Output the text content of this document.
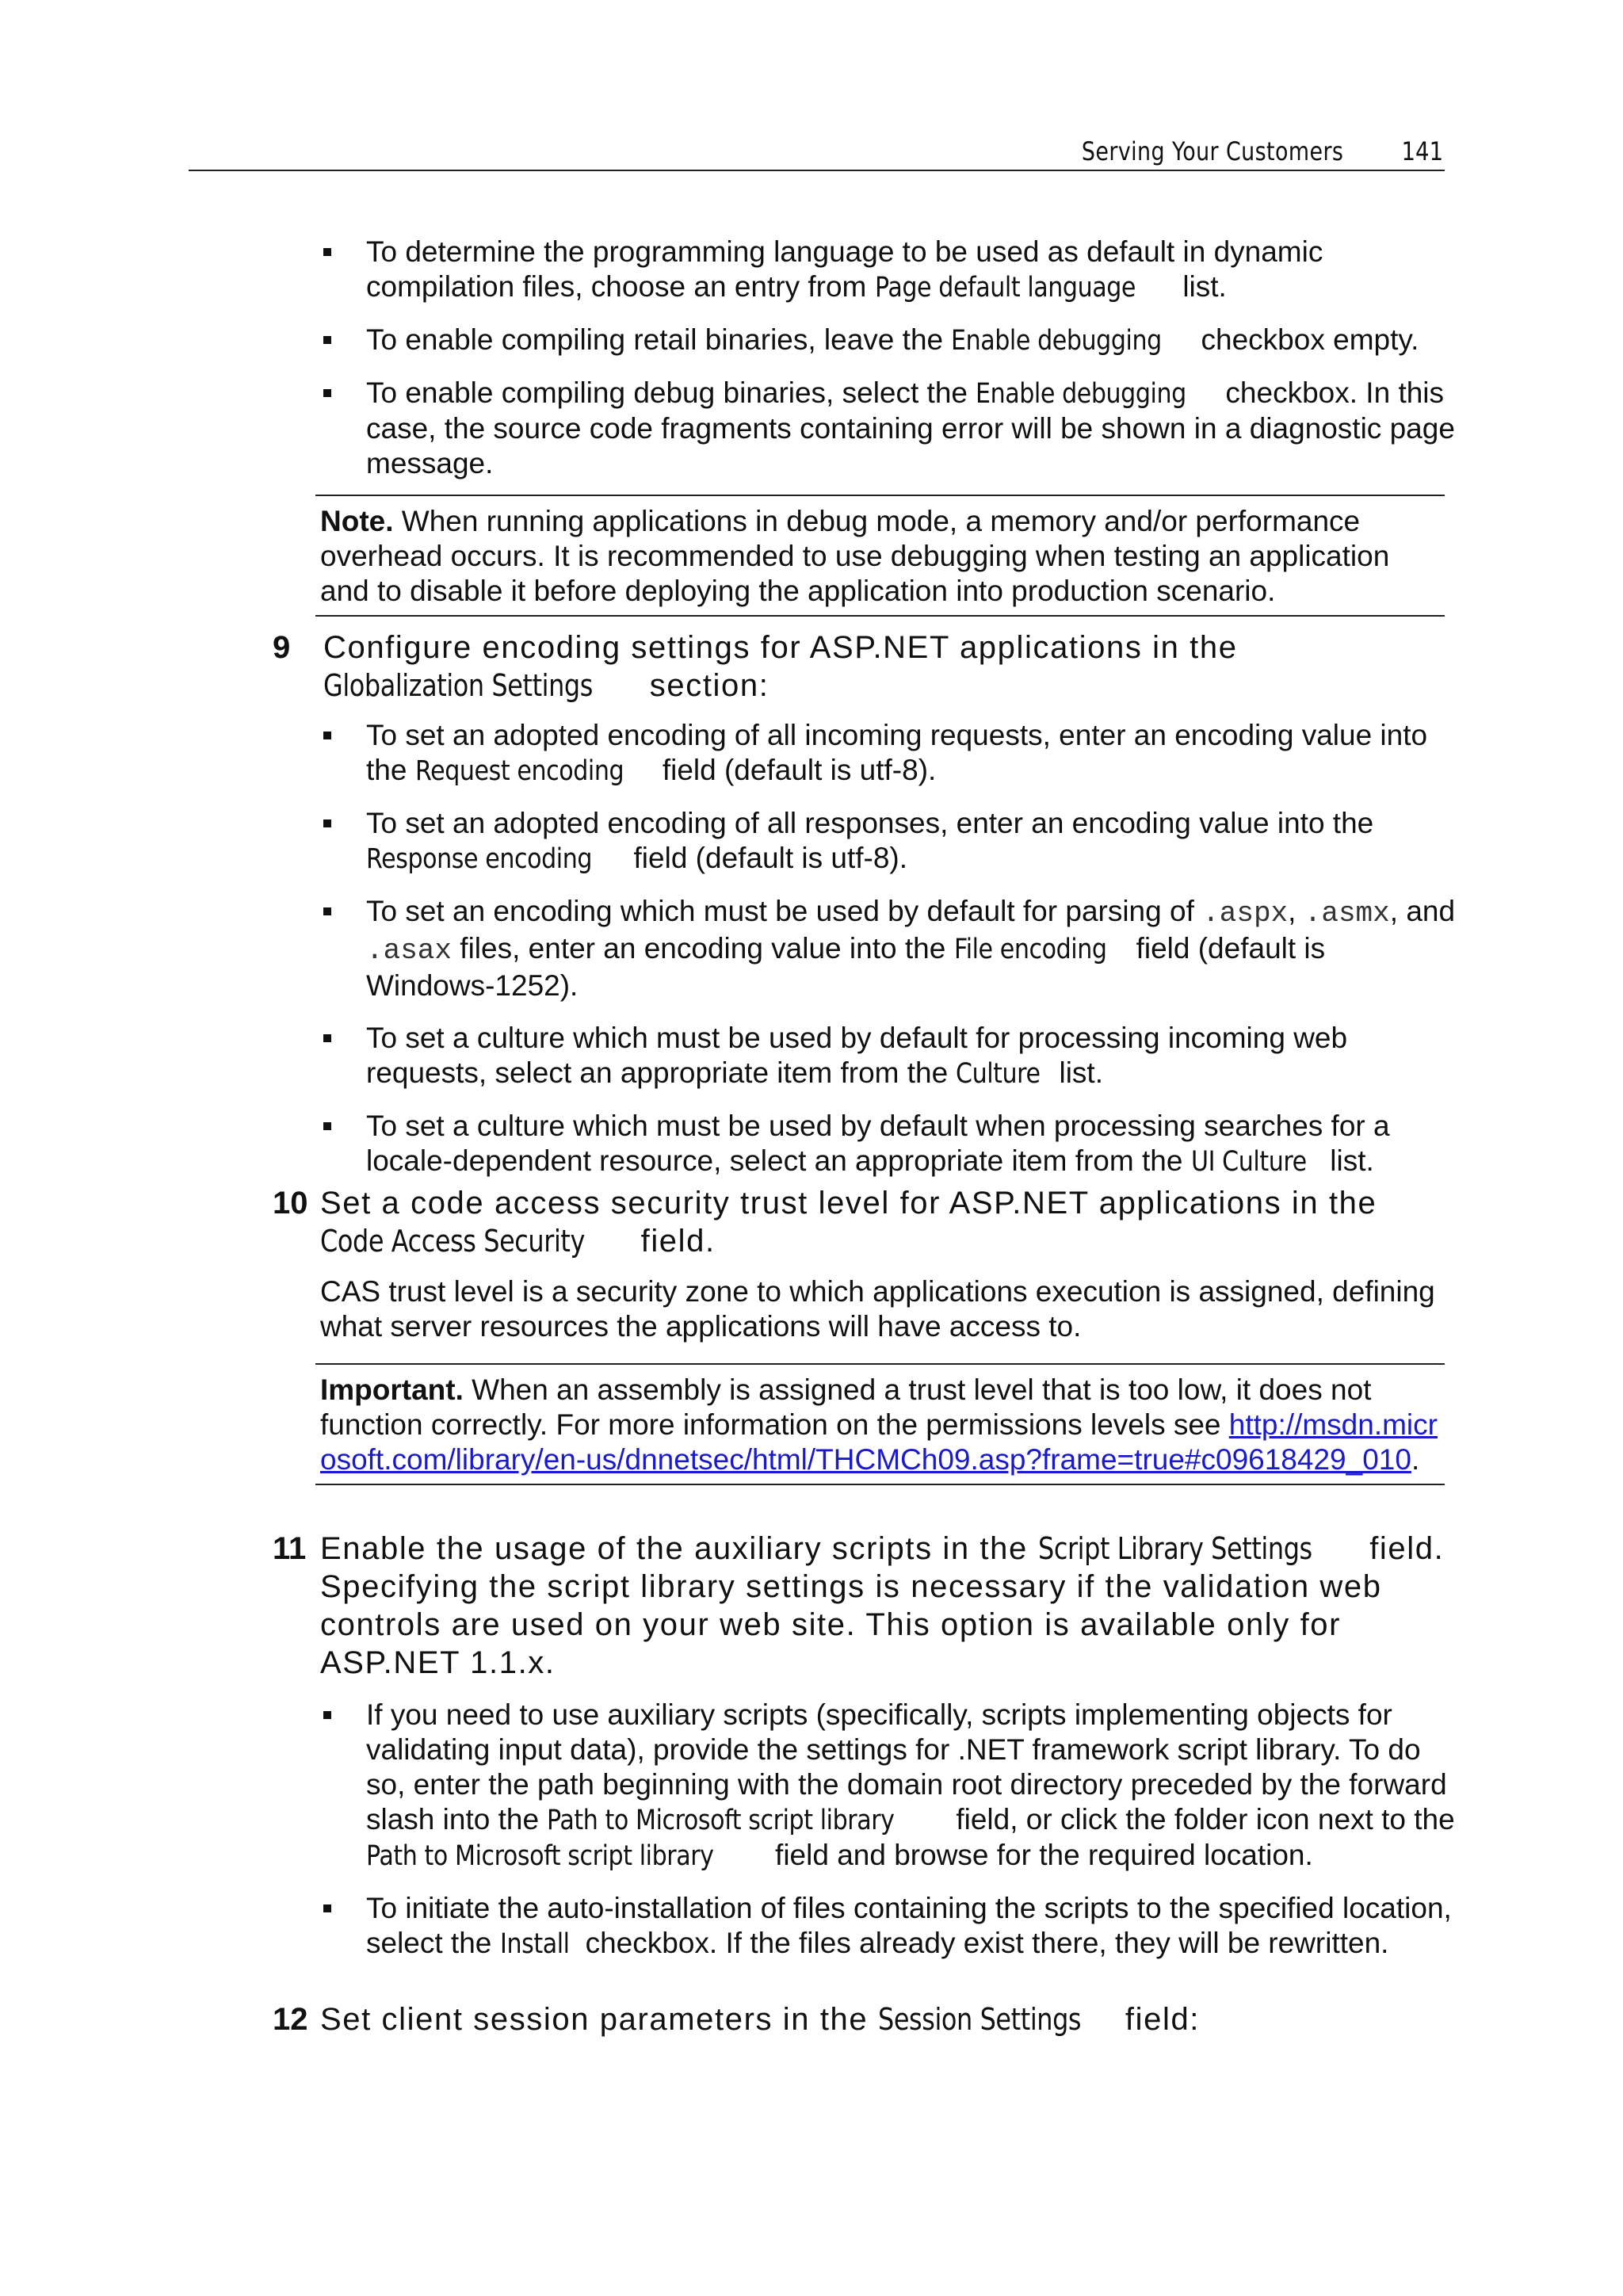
Serving Your Customers 141
To determine the programming language to be used as default in dynamic compilation files, choose an entry from Page default language list.
To enable compiling retail binaries, leave the Enable debugging checkbox empty.
To enable compiling debug binaries, select the Enable debugging checkbox. In this case, the source code fragments containing error will be shown in a diagnostic page message.
Note. When running applications in debug mode, a memory and/or performance overhead occurs. It is recommended to use debugging when testing an application and to disable it before deploying the application into production scenario.
9	Configure encoding settings for ASP.NET applications in the Globalization Settings section:
To set an adopted encoding of all incoming requests, enter an encoding value into the Request encoding field (default is utf-8).
To set an adopted encoding of all responses, enter an encoding value into the Response encoding field (default is utf-8).
To set an encoding which must be used by default for parsing of .aspx, .asmx, and .asax files, enter an encoding value into the File encoding field (default is Windows-1252).
To set a culture which must be used by default for processing incoming web requests, select an appropriate item from the Culture list.
To set a culture which must be used by default when processing searches for a locale-dependent resource, select an appropriate item from the UI Culture list.
10 Set a code access security trust level for ASP.NET applications in the Code Access Security field.
CAS trust level is a security zone to which applications execution is assigned, defining what server resources the applications will have access to.
Important. When an assembly is assigned a trust level that is too low, it does not function correctly. For more information on the permissions levels see http://msdn.microsoft.com/library/en-us/dnnetsec/html/THCMCh09.asp?frame=true#c09618429_010.
11 Enable the usage of the auxiliary scripts in the Script Library Settings field. Specifying the script library settings is necessary if the validation web controls are used on your web site. This option is available only for ASP.NET 1.1.x.
If you need to use auxiliary scripts (specifically, scripts implementing objects for validating input data), provide the settings for .NET framework script library. To do so, enter the path beginning with the domain root directory preceded by the forward slash into the Path to Microsoft script library field, or click the folder icon next to the Path to Microsoft script library field and browse for the required location.
To initiate the auto-installation of files containing the scripts to the specified location, select the Install checkbox. If the files already exist there, they will be rewritten.
12 Set client session parameters in the Session Settings field:
